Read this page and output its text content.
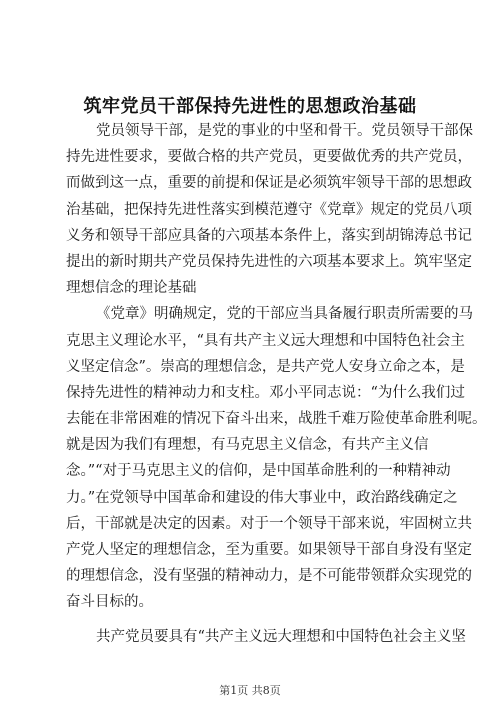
筑牢党员干部保持先进性的思想政治基础
党员领导干部，是党的事业的中坚和骨干。党员领导干部保
持先进性要求，要做合格的共产党员，更要做优秀的共产党员，
而做到这一点，重要的前提和保证是必须筑牢领导干部的思想政
治基础，把保持先进性落实到模范遵守《党章》规定的党员八项
义务和领导干部应具备的六项基本条件上，落实到胡锦涛总书记
提出的新时期共产党员保持先进性的六项基本要求上。筑牢坚定
理想信念的理论基础
《党章》明确规定，党的干部应当具备履行职责所需要的马
克思主义理论水平，“具有共产主义远大理想和中国特色社会主
义坚定信念”。崇高的理想信念，是共产党人安身立命之本，是
保持先进性的精神动力和支柱。邓小平同志说：“为什么我们过
去能在非常困难的情况下奋斗出来，战胜千难万险使革命胜利呢。
就是因为我们有理想，有马克思主义信念，有共产主义信
念。”“对于马克思主义的信仰，是中国革命胜利的一种精神动
力。”在党领导中国革命和建设的伟大事业中，政治路线确定之
后，干部就是决定的因素。对于一个领导干部来说，牢固树立共
产党人坚定的理想信念，至为重要。如果领导干部自身没有坚定
的理想信念，没有坚强的精神动力，是不可能带领群众实现党的
奋斗目标的。
共产党员要具有“共产主义远大理想和中国特色社会主义坚
第1页 共8页
